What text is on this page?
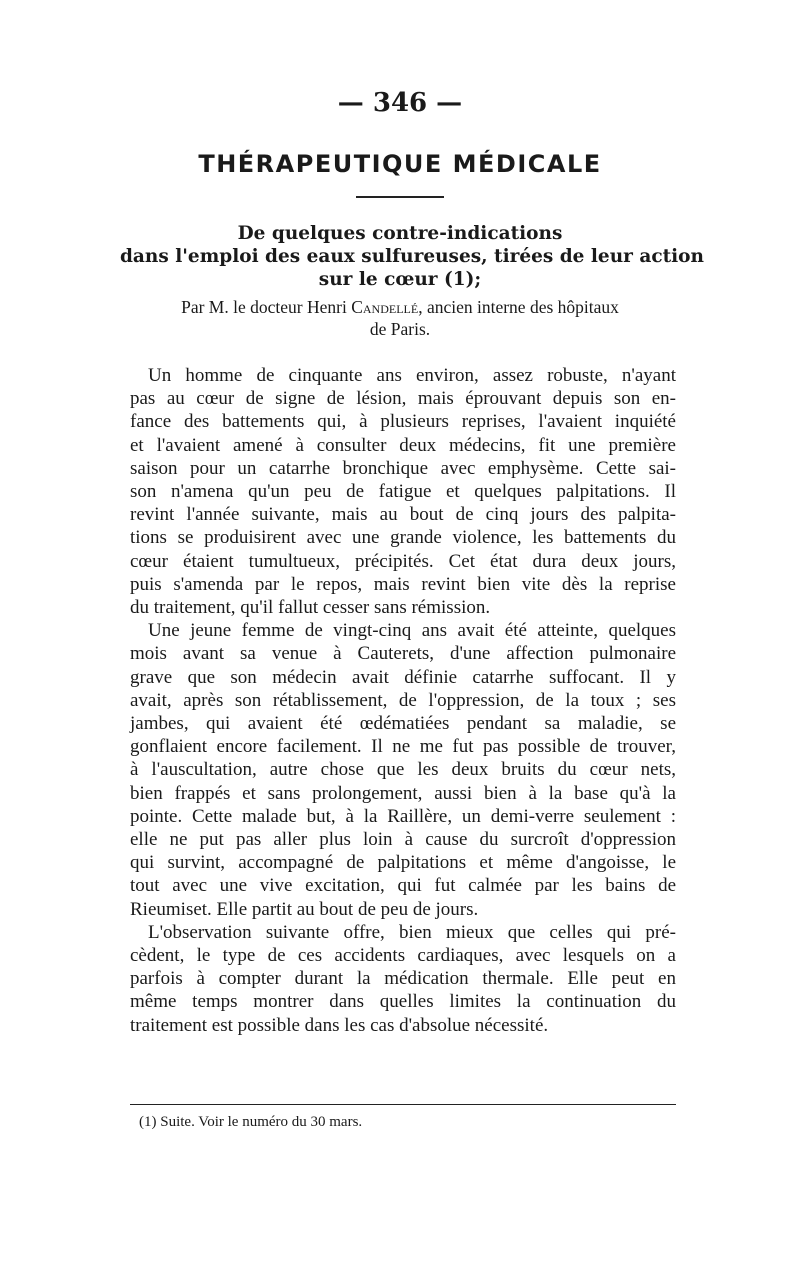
— 346 —
THÉRAPEUTIQUE MÉDICALE
De quelques contre-indications
dans l'emploi des eaux sulfureuses, tirées de leur action
sur le cœur (1);
Par M. le docteur Henri Candellé, ancien interne des hôpitaux
de Paris.
Un homme de cinquante ans environ, assez robuste, n'ayant
pas au cœur de signe de lésion, mais éprouvant depuis son en-
fance des battements qui, à plusieurs reprises, l'avaient inquiété
et l'avaient amené à consulter deux médecins, fit une première
saison pour un catarrhe bronchique avec emphysème. Cette sai-
son n'amena qu'un peu de fatigue et quelques palpitations. Il
revint l'année suivante, mais au bout de cinq jours des palpita-
tions se produisirent avec une grande violence, les battements du
cœur étaient tumultueux, précipités. Cet état dura deux jours,
puis s'amenda par le repos, mais revint bien vite dès la reprise
du traitement, qu'il fallut cesser sans rémission.
Une jeune femme de vingt-cinq ans avait été atteinte, quelques
mois avant sa venue à Cauterets, d'une affection pulmonaire
grave que son médecin avait définie catarrhe suffocant. Il y
avait, après son rétablissement, de l'oppression, de la toux ; ses
jambes, qui avaient été œdématiées pendant sa maladie, se
gonflaient encore facilement. Il ne me fut pas possible de trouver,
à l'auscultation, autre chose que les deux bruits du cœur nets,
bien frappés et sans prolongement, aussi bien à la base qu'à la
pointe. Cette malade but, à la Raillère, un demi-verre seulement :
elle ne put pas aller plus loin à cause du surcroît d'oppression
qui survint, accompagné de palpitations et même d'angoisse, le
tout avec une vive excitation, qui fut calmée par les bains de
Rieumiset. Elle partit au bout de peu de jours.
L'observation suivante offre, bien mieux que celles qui pré-
cèdent, le type de ces accidents cardiaques, avec lesquels on a
parfois à compter durant la médication thermale. Elle peut en
même temps montrer dans quelles limites la continuation du
traitement est possible dans les cas d'absolue nécessité.
(1) Suite. Voir le numéro du 30 mars.
